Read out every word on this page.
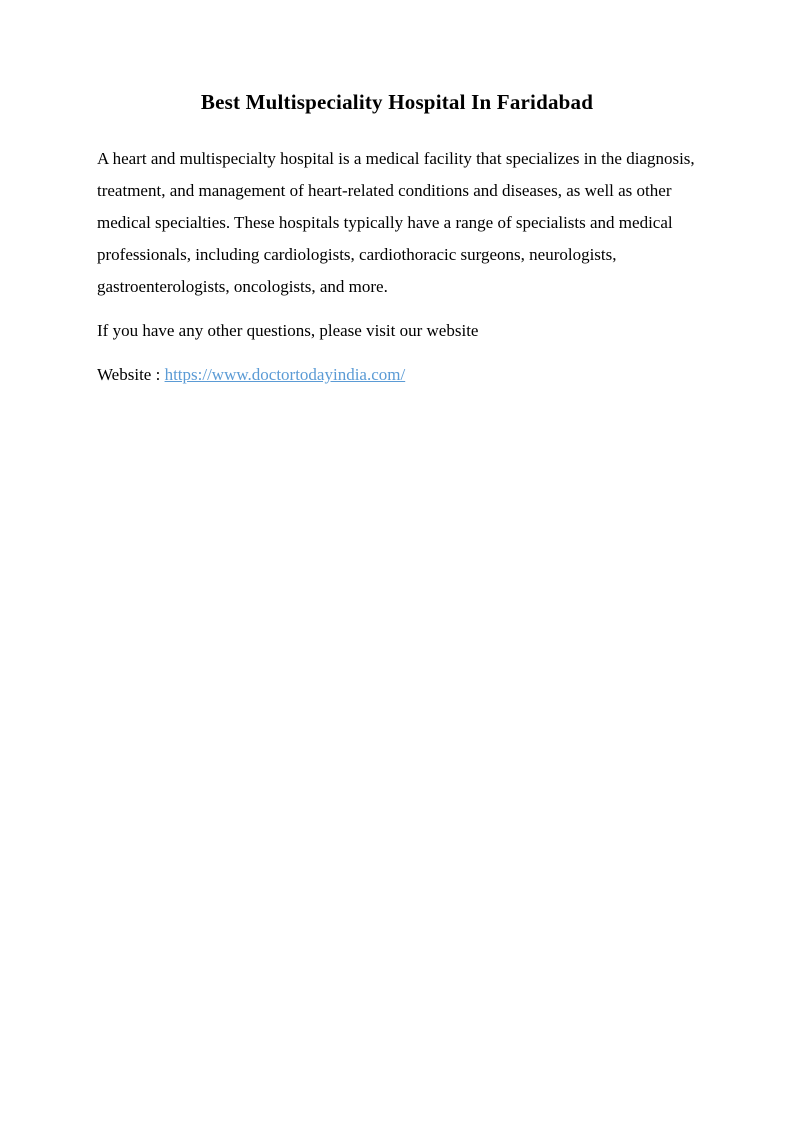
Best Multispeciality Hospital In Faridabad

A heart and multispecialty hospital is a medical facility that specializes in the diagnosis, treatment, and management of heart-related conditions and diseases, as well as other medical specialties. These hospitals typically have a range of specialists and medical professionals, including cardiologists, cardiothoracic surgeons, neurologists, gastroenterologists, oncologists, and more.

If you have any other questions, please visit our website

Website : https://www.doctortodayindia.com/
